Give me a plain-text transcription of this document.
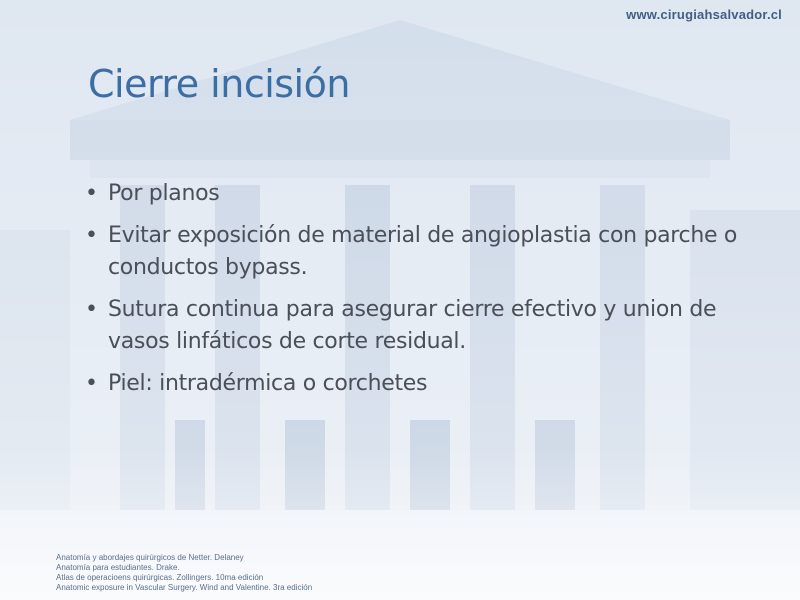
www.cirugiahsalvador.cl
Cierre incisión
• Por planos
• Evitar exposición de material de angioplastia con parche o conductos bypass.
• Sutura continua para asegurar cierre efectivo y union de vasos linfáticos de corte residual.
• Piel: intradérmica o corchetes
Anatomía y abordajes quirúrgicos de Netter. Delaney
Anatomía para estudiantes. Drake.
Atlas de operacioens quirúrgicas. Zollingers. 10ma edición
Anatomic exposure in Vascular Surgery. Wind and Valentine. 3ra edición
